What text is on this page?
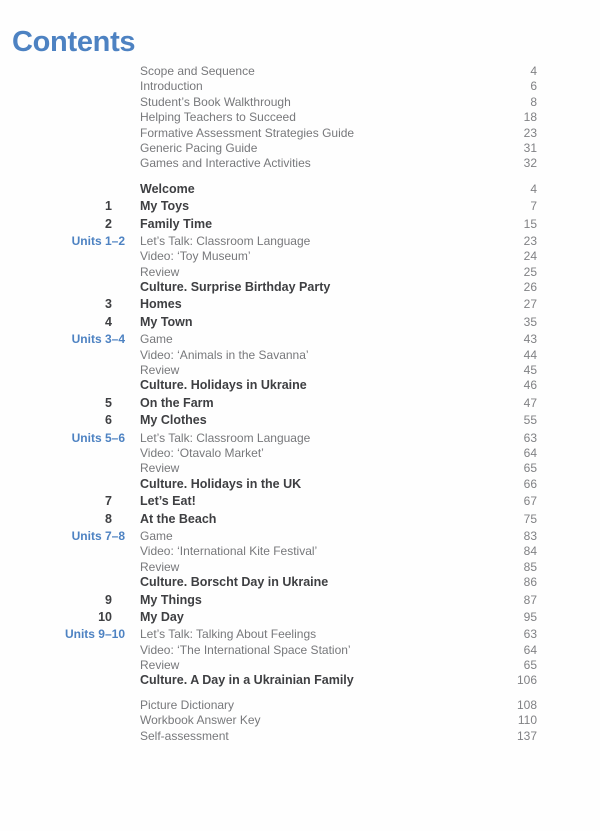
Contents
Scope and Sequence	4
Introduction	6
Student’s Book Walkthrough	8
Helping Teachers to Succeed	18
Formative Assessment Strategies Guide	23
Generic Pacing Guide	31
Games and Interactive Activities	32
Welcome	4
1	My Toys	7
2	Family Time	15
Units 1–2 Let’s Talk: Classroom Language	23
Video: ‘Toy Museum’	24
Review	25
Culture. Surprise Birthday Party	26
3	Homes	27
4	My Town	35
Units 3–4 Game	43
Video: ‘Animals in the Savanna’	44
Review	45
Culture. Holidays in Ukraine	46
5	On the Farm	47
6	My Clothes	55
Units 5–6 Let’s Talk: Classroom Language	63
Video: ‘Otavalo Market’	64
Review	65
Culture. Holidays in the UK	66
7	Let’s Eat!	67
8	At the Beach	75
Units 7–8 Game	83
Video: ‘International Kite Festival’	84
Review	85
Culture. Borscht Day in Ukraine	86
9	My Things	87
10	My Day	95
Units 9–10 Let’s Talk: Talking About Feelings	63
Video: ‘The International Space Station’	64
Review	65
Culture. A Day in a Ukrainian Family	106
Picture Dictionary	108
Workbook Answer Key	110
Self-assessment	137
